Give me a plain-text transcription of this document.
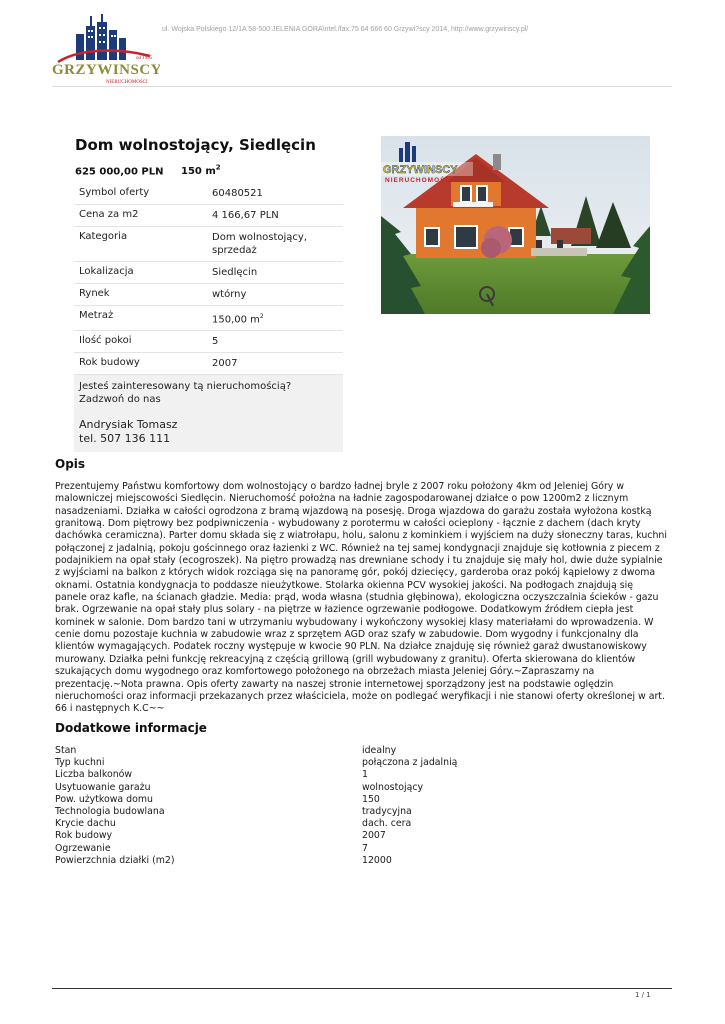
od 1995
GRZYWINSCY
NIERUCHOMOŚCI
ul. Wojska Polskiego 12/1A 58-500 JELENIA GÓRA\ntel./fax:75 64 666 60 Grzywi?scy 2014, http://www.grzywinscy.pl/
Dom wolnostojący, Siedlęcin
625 000,00 PLN 150 $m^2$
Symbol oferty	60480521
Cena za m2	4 166,67 PLN
Kategoria	Dom wolnostojący, sprzedaż
Lokalizacja	Siedlęcin
Rynek	wtórny
Metraż	150,00 $m^2$
Ilość pokoi	5
Rok budowy	2007
Jesteś zainteresowany tą nieruchomością? Zadzwoń do nas
Andrysiak Tomasz
tel. 507 136 111
GRZYWINSCY
NIERUCHOMOŚCI
Opis
Prezentujemy Państwu komfortowy dom wolnostojący o bardzo ładnej bryle z 2007 roku położony 4km od Jeleniej Góry w malowniczej miejscowości Siedlęcin. Nieruchomość położna na ładnie zagospodarowanej działce o pow 1200m2 z licznym nasadzeniami. Działka w całości ogrodzona z bramą wjazdową na posesję. Droga wjazdowa do garażu została wyłożona kostką granitową. Dom piętrowy bez podpiwniczenia - wybudowany z porotermu w całości ocieplony - łącznie z dachem (dach kryty dachówka ceramiczna). Parter domu składa się z wiatrołapu, holu, salonu z kominkiem i wyjściem na duży słoneczny taras, kuchni połączonej z jadalnią, pokoju gościnnego oraz łazienki z WC. Również na tej samej kondygnacji znajduje się kotłownia z piecem z podajnikiem na opał stały (ecogroszek). Na piętro prowadzą nas drewniane schody i tu znajduje się mały hol, dwie duże sypialnie z wyjściami na balkon z których widok rozciąga się na panoramę gór, pokój dziecięcy, garderoba oraz pokój kąpielowy z dwoma oknami. Ostatnia kondygnacja to poddasze nieużytkowe. Stolarka okienna PCV wysokiej jakości. Na podłogach znajdują się panele oraz kafle, na ścianach gładzie. Media: prąd, woda własna (studnia głębinowa), ekologiczna oczyszczalnia ścieków - gazu brak. Ogrzewanie na opał stały plus solary - na piętrze w łazience ogrzewanie podłogowe. Dodatkowym źródłem ciepła jest kominek w salonie. Dom bardzo tani w utrzymaniu wybudowany i wykończony wysokiej klasy materiałami do wprowadzenia. W cenie domu pozostaje kuchnia w zabudowie wraz z sprzętem AGD oraz szafy w zabudowie. Dom wygodny i funkcjonalny dla klientów wymagających. Podatek roczny występuje w kwocie 90 PLN. Na działce znajduję się również garaż dwustanowiskowy murowany. Działka pełni funkcję rekreacyjną z częścią grillową (grill wybudowany z granitu). Oferta skierowana do klientów szukających domu wygodnego oraz komfortowego położonego na obrzeżach miasta Jeleniej Góry.~Zapraszamy na prezentację.~Nota prawna. Opis oferty zawarty na naszej stronie internetowej sporządzony jest na podstawie oględzin nieruchomości oraz informacji przekazanych przez właściciela, może on podlegać weryfikacji i nie stanowi oferty określonej w art. 66 i następnych K.C~~
Dodatkowe informacje
Stan	idealny
Typ kuchni	połączona z jadalnią
Liczba balkonów	1
Usytuowanie garażu	wolnostojący
Pow. użytkowa domu	150
Technologia budowlana	tradycyjna
Krycie dachu	dach. cera
Rok budowy	2007
Ogrzewanie	7
Powierzchnia działki (m2)	12000
1 / 1
